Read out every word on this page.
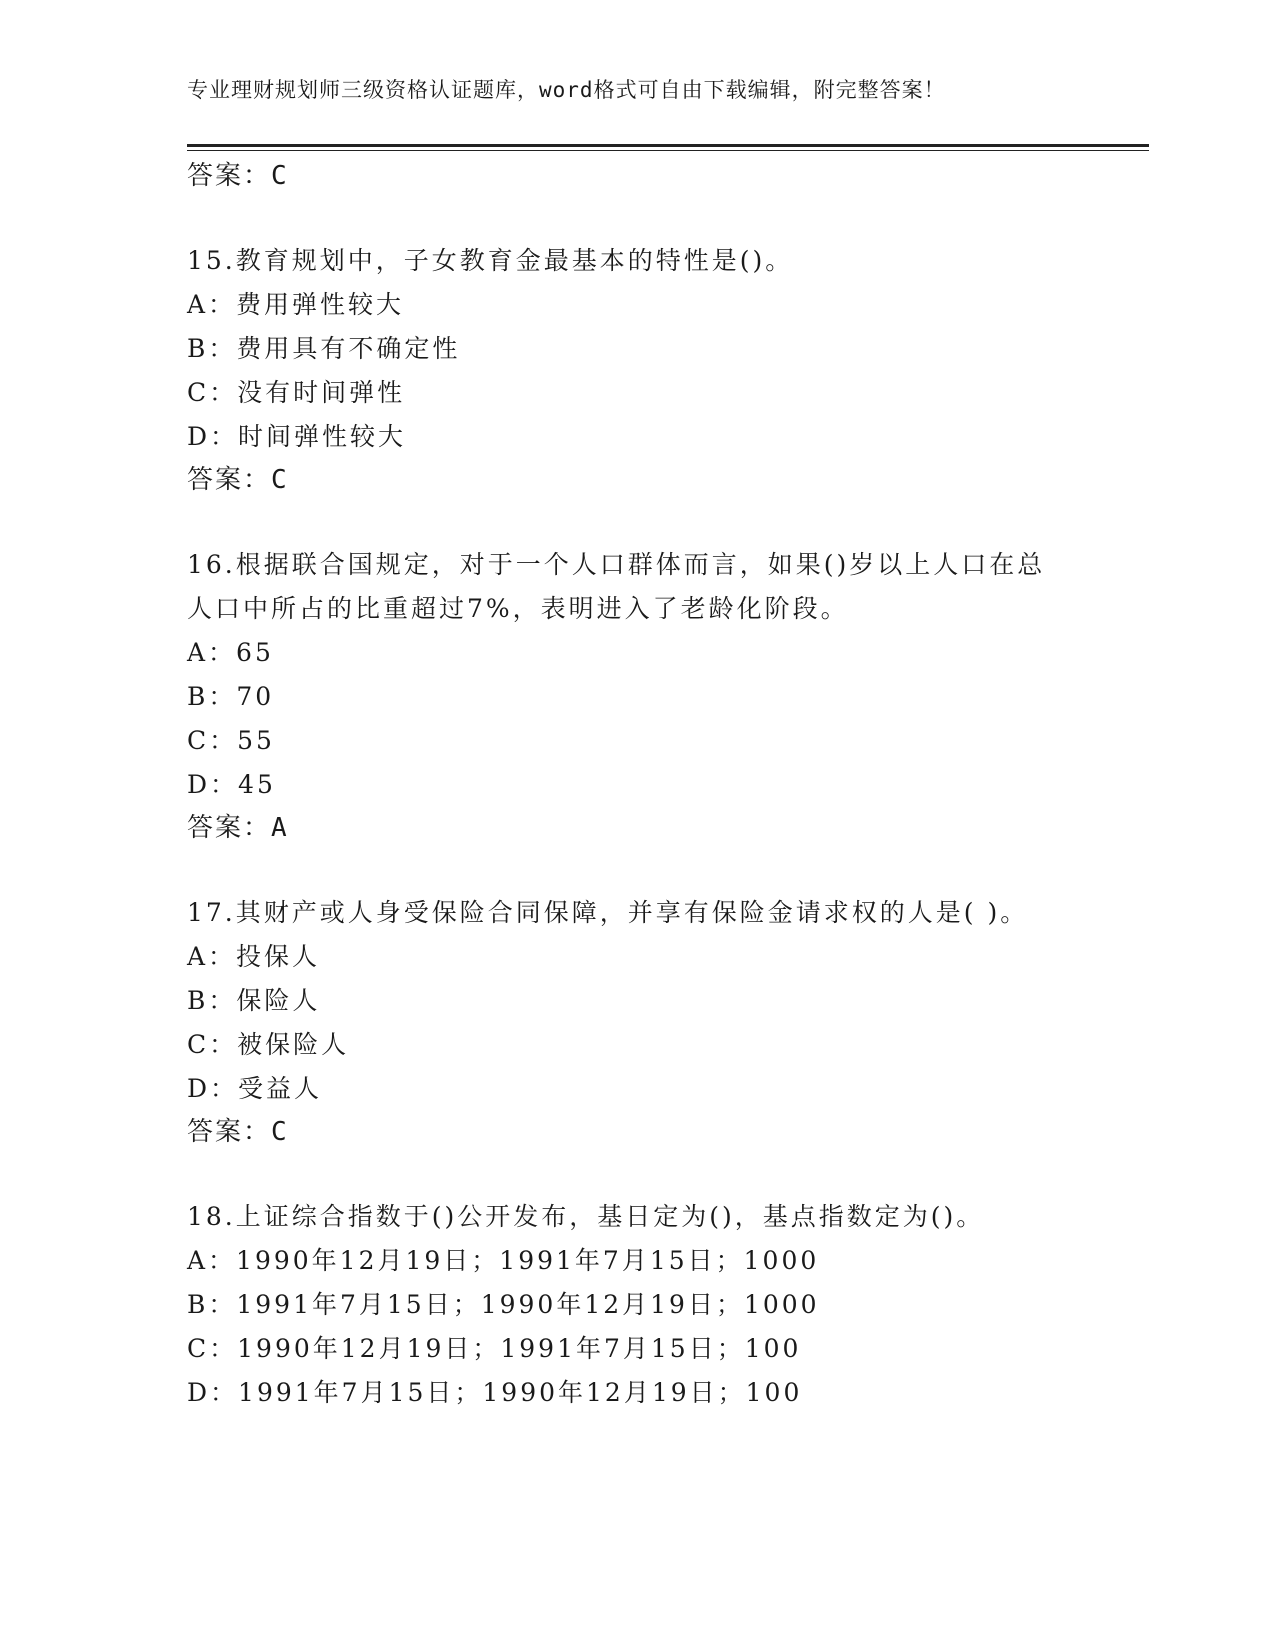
专业理财规划师三级资格认证题库，word格式可自由下载编辑，附完整答案！
答案：C
15.教育规划中，子女教育金最基本的特性是()。
A：费用弹性较大
B：费用具有不确定性
C：没有时间弹性
D：时间弹性较大
答案：C
16.根据联合国规定，对于一个人口群体而言，如果()岁以上人口在总
人口中所占的比重超过7%，表明进入了老龄化阶段。
A：65
B：70
C：55
D：45
答案：A
17.其财产或人身受保险合同保障，并享有保险金请求权的人是( )。
A：投保人
B：保险人
C：被保险人
D：受益人
答案：C
18.上证综合指数于()公开发布，基日定为()，基点指数定为()。
A：1990年12月19日；1991年7月15日；1000
B：1991年7月15日；1990年12月19日；1000
C：1990年12月19日；1991年7月15日；100
D：1991年7月15日；1990年12月19日；100
